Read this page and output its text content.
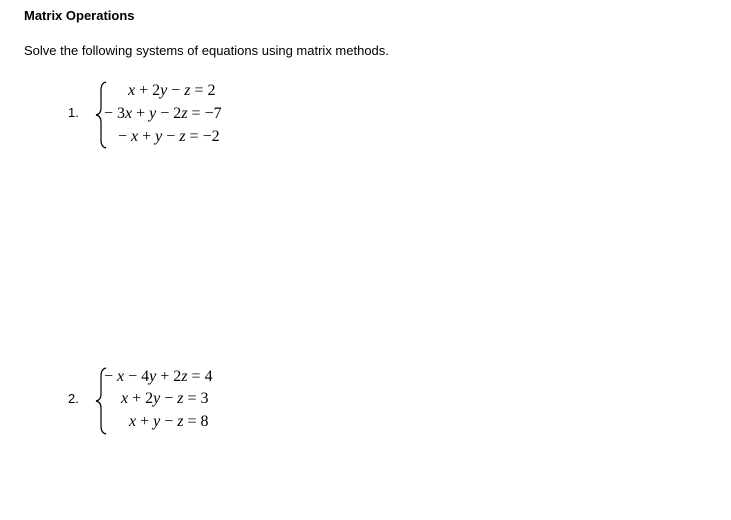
Matrix Operations
Solve the following systems of equations using matrix methods.
1.
x + 2y − z = 2
− 3x + y − 2z = −7
− x + y − z = −2
2.
− x − 4y + 2z = 4
x + 2y − z = 3
x + y − z = 8
